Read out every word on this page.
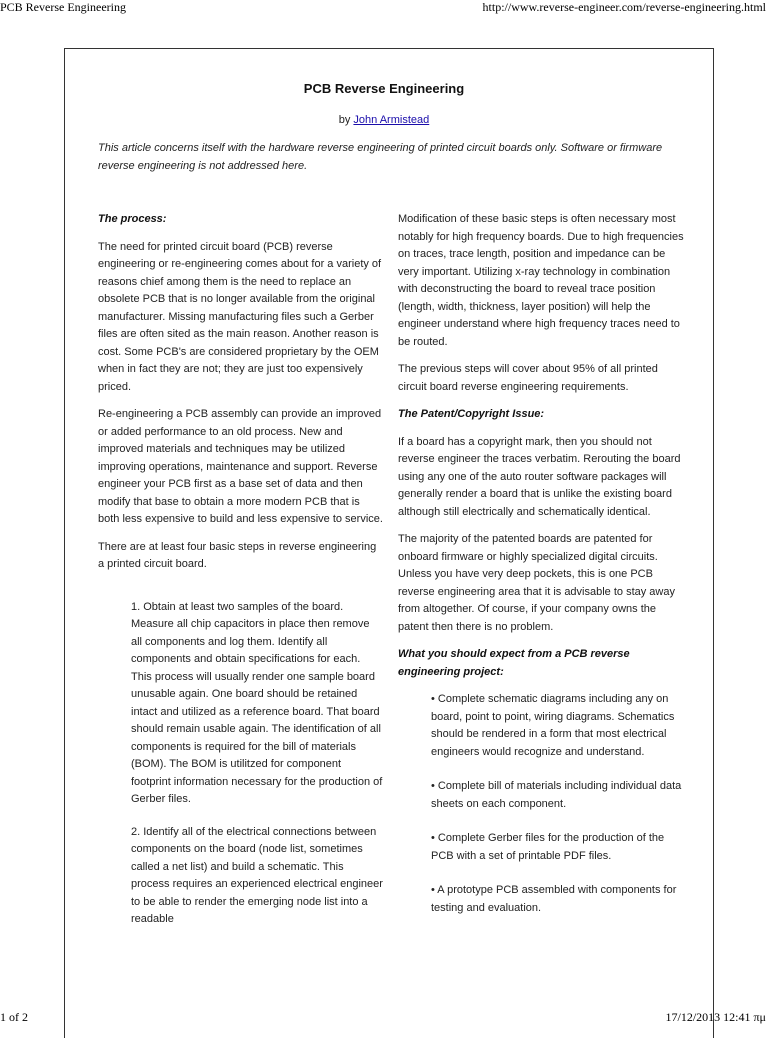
PCB Reverse Engineering	http://www.reverse-engineer.com/reverse-engineering.html
PCB Reverse Engineering
by John Armistead
This article concerns itself with the hardware reverse engineering of printed circuit boards only. Software or firmware reverse engineering is not addressed here.
The process:

The need for printed circuit board (PCB) reverse engineering or re-engineering comes about for a variety of reasons chief among them is the need to replace an obsolete PCB that is no longer available from the original manufacturer. Missing manufacturing files such a Gerber files are often sited as the main reason. Another reason is cost. Some PCB's are considered proprietary by the OEM when in fact they are not; they are just too expensively priced.

Re-engineering a PCB assembly can provide an improved or added performance to an old process. New and improved materials and techniques may be utilized improving operations, maintenance and support. Reverse engineer your PCB first as a base set of data and then modify that base to obtain a more modern PCB that is both less expensive to build and less expensive to service.

There are at least four basic steps in reverse engineering a printed circuit board.

1. Obtain at least two samples of the board. Measure all chip capacitors in place then remove all components and log them. Identify all components and obtain specifications for each. This process will usually render one sample board unusable again. One board should be retained intact and utilized as a reference board. That board should remain usable again. The identification of all components is required for the bill of materials (BOM). The BOM is utilitzed for component footprint information necessary for the production of Gerber files.

2. Identify all of the electrical connections between components on the board (node list, sometimes called a net list) and build a schematic. This process requires an experienced electrical engineer to be able to render the emerging node list into a readable

Modification of these basic steps is often necessary most notably for high frequency boards. Due to high frequencies on traces, trace length, position and impedance can be very important. Utilizing x-ray technology in combination with deconstructing the board to reveal trace position (length, width, thickness, layer position) will help the engineer understand where high frequency traces need to be routed.

The previous steps will cover about 95% of all printed circuit board reverse engineering requirements.

The Patent/Copyright Issue:

If a board has a copyright mark, then you should not reverse engineer the traces verbatim. Rerouting the board using any one of the auto router software packages will generally render a board that is unlike the existing board although still electrically and schematically identical.

The majority of the patented boards are patented for onboard firmware or highly specialized digital circuits. Unless you have very deep pockets, this is one PCB reverse engineering area that it is advisable to stay away from altogether. Of course, if your company owns the patent then there is no problem.

What you should expect from a PCB reverse engineering project:

• Complete schematic diagrams including any on board, point to point, wiring diagrams. Schematics should be rendered in a form that most electrical engineers would recognize and understand.

• Complete bill of materials including individual data sheets on each component.

• Complete Gerber files for the production of the PCB with a set of printable PDF files.

• A prototype PCB assembled with components for testing and evaluation.

1 of 2	17/12/2013 12:41 πμ
